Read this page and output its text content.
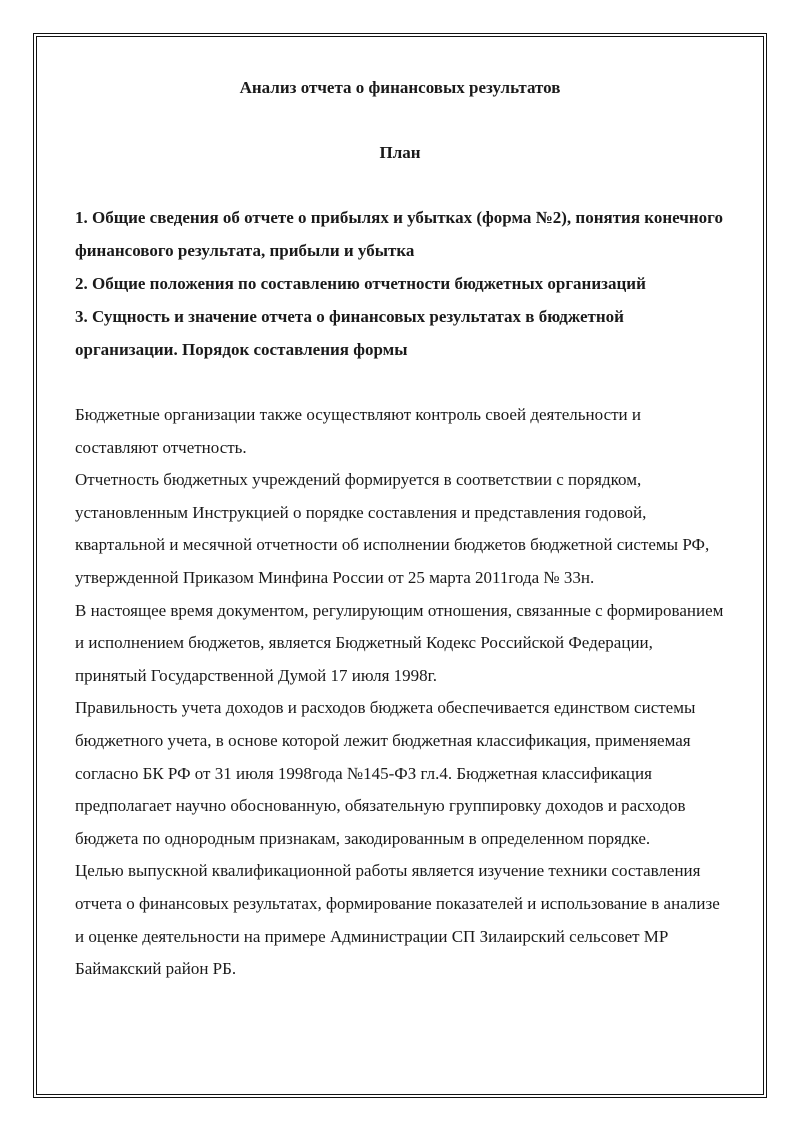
Анализ отчета о финансовых результатов
План
1. Общие сведения об отчете о прибылях и убытках (форма №2), понятия конечного финансового результата, прибыли и убытка
2. Общие положения по составлению отчетности бюджетных организаций
3. Сущность и значение отчета о финансовых результатах в бюджетной организации. Порядок составления формы

Бюджетные организации также осуществляют контроль своей деятельности и составляют отчетность.

Отчетность бюджетных учреждений формируется в соответствии с порядком, установленным Инструкцией о порядке составления и представления годовой, квартальной и месячной отчетности об исполнении бюджетов бюджетной системы РФ, утвержденной Приказом Минфина России от 25 марта 2011года № 33н.

В настоящее время документом, регулирующим отношения, связанные с формированием и исполнением бюджетов, является Бюджетный Кодекс Российской Федерации, принятый Государственной Думой 17 июля 1998г.

Правильность учета доходов и расходов бюджета обеспечивается единством системы бюджетного учета, в основе которой лежит бюджетная классификация, применяемая согласно БК РФ от 31 июля 1998года №145-ФЗ гл.4. Бюджетная классификация предполагает научно обоснованную, обязательную группировку доходов и расходов бюджета по однородным признакам, закодированным в определенном порядке.

Целью выпускной квалификационной работы является изучение техники составления отчета о финансовых результатах, формирование показателей и использование в анализе и оценке деятельности на примере Администрации СП Зилаирский сельсовет МР Баймакский район РБ.
